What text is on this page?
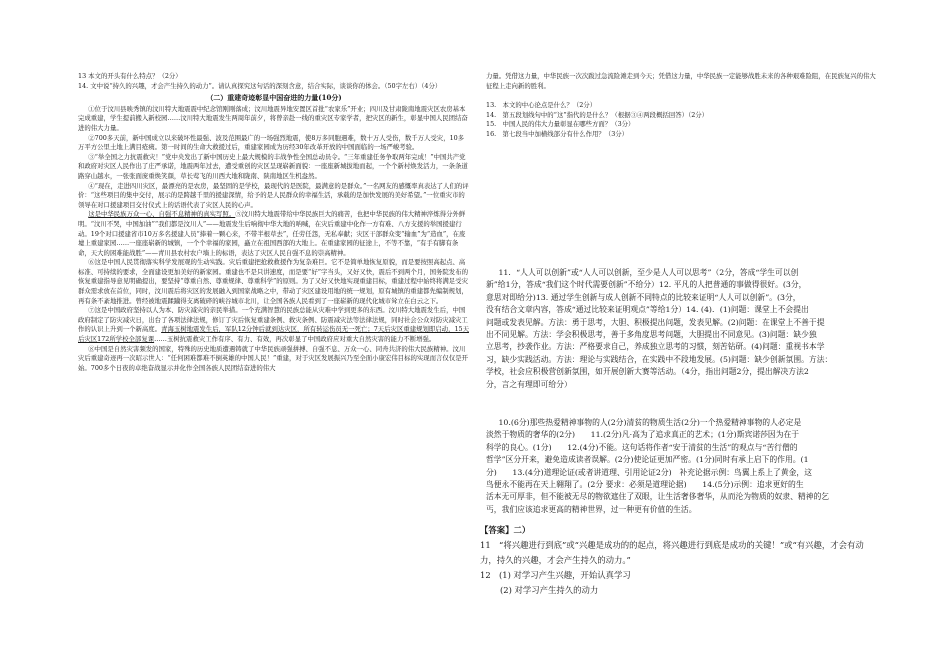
13 本文的开头有什么特点？（2分）

14. 文中说“持久的兴趣，才会产生持久的动力”。请认真探究这句话的深刻含意，结合实际，谈谈你的体会。（50字左右）（4分）

（二）重建奇迹彰显中国奋进的力量(10分)

①位于汶川县映秀镇的汶川特大地震震中纪念馆刚刚落成；汶川地震异地安置区首批“农家乐”开业；四川及甘肃陇南地震灾区农房基本完成重建，学生提前搬入新校园……汶川特大地震发生两周年前夕，将曾亲赴一线的重灾区专家学者，把灾区的新生，彰显中国人民团结奋进的伟大力量。

②700多天前，新中国成立以来破坏性最强、波及范围最广的一场强烈地震，使8万多同胞遇难，数十万人受伤，数千万人受灾，10多万平方公里土地上满目疮痍。第一时间的生命大救援过后，重建家园成为历经30年改革开放的中国面临的一场严峻考验。

③“举全国之力抗震救灾！”党中央发出了新中国历史上最大规模的丰战争性全国总动员令。“三年重建任务争取两年完成！”中国共产党和政府对灾区人民作出了庄严承诺，地震两年过去，遭受重创的灾区呈现崭新面貌：一座座新城拔地而起，一个个新村焕发活力，一条条道路穿山越水，一张张面庞重焕笑颜，草长莺飞的川西大地和陇南、陕南地区生机盎然。

④“现在，走进四川灾区，最漂亮的是农房，最坚固的是学校，最现代的是医院，最满意的是群众。”一名网友的感慨率真表达了人们的评价：“这些项目的集中交付，展示的是跨越千里的援建深情，给予的是人民群众的幸福生活，承载的是加快发展的美好希望。”一位重灾市的领导在对口援建项目交付仪式上的话语代表了灾区人民的心声。

这是中华民族万众一心、自强不息精神的真实写照。⑤汶川特大地震带给中华民族巨大的痛苦，也把中华民族的伟大精神淬炼得分外鲜明。“汶川不哭，中国加油”“我们都是汶川人”——地震发生后响彻中华大地的呐喊，在灾后重建中化作一方有难、八方支援的举国援建行动。19个对口援建省市10万多名援建人员“捧着一颗心来，不带半根草去”，任劳任怨，无私奉献；灾区干部群众变“输血”为“造血”，在废墟上重建家园……一座座崭新的城镇，一个个幸福的家园，矗立在祖国西部的大地上。在重建家园的征途上，不等不靠，“有手有脚有条命，天大的困难能战胜”——青川县农村农户墙上的标语，表达了灾区人民自强不息的崇高精神。

⑥这是中国人民贯彻落实科学发展观的生动实践。灾后重建把抢救救援作为复杂难巨。它不是简单地恢复原貌，而是要按照高起点、高标准、可持续的要求，全面建设更加美好的新家园。重建也不是只讲速度，而是要“好”字当头，又好又快，震后不到两个月，国务院发布的恢复重建指导意见明确提出，要坚持“尊重自然、尊重规律、尊重科学”的原则。为了又好又快地实现重建目标，重建过程中始终将满足受灾群众需求放在首位，同时，汶川震后将灾区的发展融入到国家战略之中，带动了灾区建设用地的统一规划，原有城镇的重建都先编制规划，再有条不紊地推进。曾经被地震蹂躏得支离破碎的峡谷城市北川，让全国各族人民看到了一座崭新的现代化城市耸立在白云之下。

⑦这是中国政府坚持以人为本、防灾减灾的亲民举措。一个充满智慧的民族总能从灾难中学到更多的东西。汶川特大地震发生后，中国政府制定了防灾减灾日，出台了各项法律法规，修订了灾后恢复重建条例、救灾条例、防震减灾法等法律法规，同时社会公众对防灾减灾工作的认识上升到一个新高度。青海玉树地震发生后，军队12分钟后就到达灾区，所有转运伤员无一死亡；7天后灾区重建规划即启动，15天后灾区172所学校全部复课……玉树抗震救灾工作有序、有力、有效，再次彰显了中国政府应对重大自然灾害的能力不断增强。

⑧中国是自然灾害频发的国家，特殊的历史地质遭遇铸就了中华民族顽强拼搏、自强不息、万众一心、同舟共济的伟大民族精神。汶川灾后重建奇迹再一次昭示世人：“任何困难都难不倒英雄的中国人民！”重建，对于灾区发展振兴乃至全面小康宏伟目标的实现而言仅仅是开始。700多个日夜的卓绝奋战显示并化作全国各族人民团结奋进的伟大

力量。凭借这力量，中华民族一次次跋过急流险滩走到今天；凭借这力量，中华民族一定能够战胜未来的各种艰难险阻，在民族复兴的伟大征程上走向新的胜利。

13.　本文的中心论点是什么？（2分）

14.　第五段划线句中的“这”指代的是什么？（根据③④两段概括回答）（2分）

15.　中国人民的伟大力量彰显在哪些方面？（3分）

16.　第七段当中加横线部分有什么作用？（3分）

11．“人人可以创新”或“人人可以创新，至少是人人可以思考”（2分，答成“学生可以创

新”给1分，答成“我们这个时代需要创新”不给分）12. 平凡的人把普通的事做得很好。(3分，

意思对即给分)13. 通过学生创新与成人创新不同特点的比较来证明“人人可以创新”。(3分，

没有结合文章内容，答成“通过比较来证明观点”等给1分）14. (4)．(1)问题：课堂上不会提出

问题或发表见解。方法：勇于思考，大胆、积极提出问题，发表见解。(2)问题：在课堂上不善于提

出不同见解。方法：学会积极思考，善于多角度思考问题，大胆提出不同意见。(3)问题：缺少独

立思考，抄袭作业。方法：严格要求自己，养成独立思考的习惯，刻苦钻研。(4)问题：重视书本学

习，缺少实践活动。方法：理论与实践结合，在实践中不段地发展。(5)问题：缺少创新氛围。方法：

学校，社会应积极营创新氛围，如开展创新大赛等活动。（4分，指出问题2分，提出解决方法2

分，言之有理即可给分）

10.(6分)那些热爱精神事物的人(2分)清贫的物质生活(2分)一个热爱精神事物的人必定是

淡然于物质的奢华的(2分)　　11.(2分)凡·高为了追求真正的艺术；(1分)斯宾诺莎因为在于

科学的良心。(1分)　　12.(4分)不能。这句话将作者“安于清贫的生活”的观点与“苦行僧的

哲学”区分开来，避免造成读者误解。(2分)使论证更加严密。(1分)同时有承上启下的作用。(1

分)　　13.(4分)道理论证(或者讲道理、引用论证2分)　补充论据示例：鸟翼上系上了黄金，这

鸟便永不能再在天上翱翔了。(2分 要求：必须是道理论据)　　14.(5分)示例：追求更好的生

活本无可厚非，但不能被无尽的物欲遮住了双眼，让生活奢侈奢华，从而沦为物质的奴隶、精神的乞

丐，我们应该追求更高的精神世界，过一种更有价值的生活。

【答案】二）

11　“将兴趣进行到底”或“兴趣是成功的的起点，将兴趣进行到底是成功的关键！”或“有兴趣，才会有动力，持久的兴趣，才会产生持久的动力。”

12　(1) 对学习产生兴趣，开始认真学习

(2) 对学习产生持久的动力
